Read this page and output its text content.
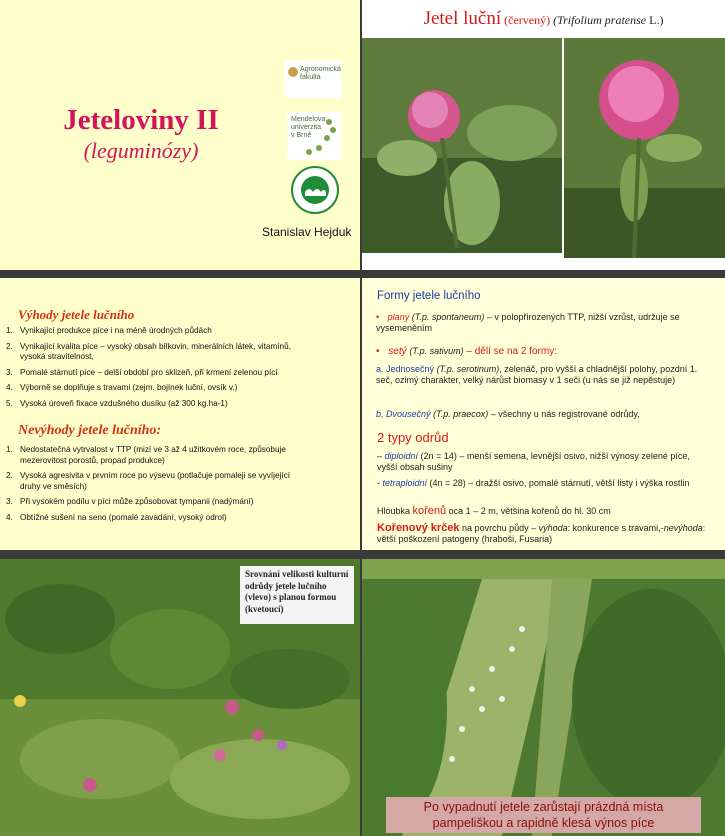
Jeteloviny II
(leguminózy)
Agronomická fakulta
Mendelova
univerzita
v Brně
Stanislav Hejduk
Jetel luční (červený) (Trifolium pratense L.)
Výhody jetele lučního
1. Vynikající produkce píce i na méně úrodných půdách
2. Vynikající kvalita píce – vysoký obsah bílkovin, minerálních látek, vitamínů, vysoká stravitelnost,
3. Pomalé stárnutí píce – delší období pro sklizeň, při krmení zelenou pící
4. Výborně se doplňuje s travami (zejm. bojínek luční, ovsík v.)
5. Vysoká úroveň fixace vzdušného dusíku (až 300 kg.ha-1)
Nevýhody jetele lučního:
1. Nedostatečná vytrvalost v TTP (mizí ve 3 až 4 užitkovém roce, způsobuje mezerovitost porostů, propad produkce)
2. Vysoká agresivita v prvním roce po výsevu (potlačuje pomaleji se vyvíjející druhy ve směsích)
3. Při vysokém podílu v píci může způsobovat tympanii (nadýmání)
4. Obtížné sušení na seno (pomalé zavadání, vysoký odrol)
Formy jetele lučního
• planý (T.p. spontaneum) – v polopřirozených TTP, nižší vzrůst, udržuje se vysemeněním
• setý (T.p. sativum) – dělí se na 2 formy:
a. Jednosečný (T.p. serotinum), zelenáč, pro vyšší a chladnější polohy, pozdní 1. seč, ozimý charakter, velký nárůst biomasy v 1 seči (u nás se již nepěstuje)
b. Dvousečný (T.p. praecox) – všechny u nás registrované odrůdy,
2 typy odrůd
– diploidní (2n = 14) – menší semena, levnější osivo, nižší výnosy zelené píce, vyšší obsah sušiny
- tetraploidní (4n = 28) – dražší osivo, pomalé stárnutí, větší listy i výška rostlin
Hloubka kořenů oca 1 – 2 m, většina kořenů do hl. 30 cm
Kořenový krček na povrchu půdy – výhoda: konkurence s travami,-nevýhoda: větší poškození patogeny (hraboši, Fusaria)
Srovnání velikosti kulturní odrůdy jetele lučního (vlevo) s planou formou (kvetoucí)
Po vypadnutí jetele zarůstají prázdná místa
pampeliškou a rapidně klesá výnos píce
